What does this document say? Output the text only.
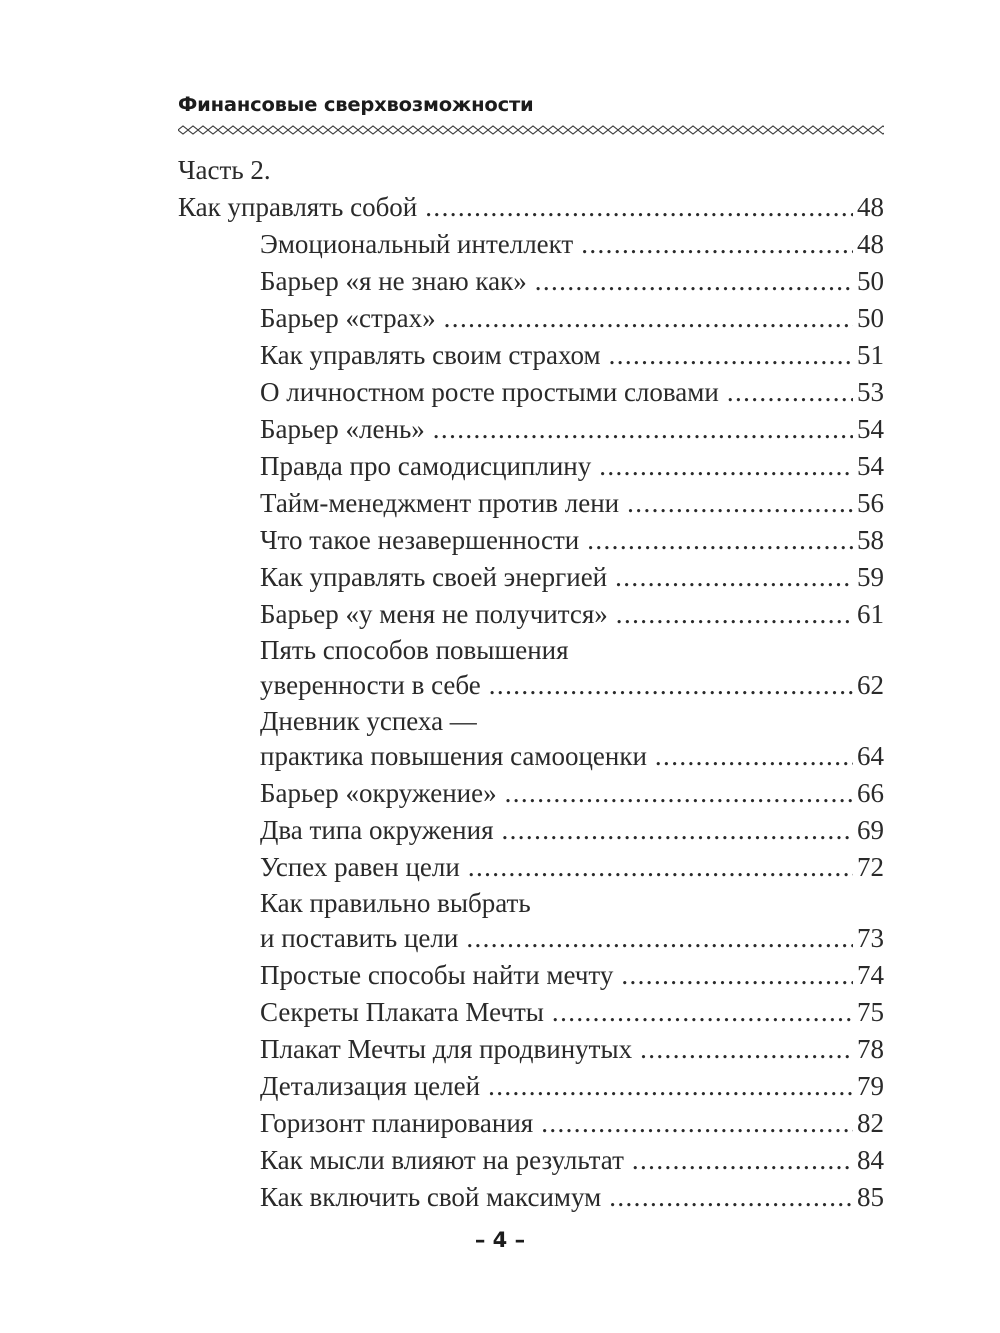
Финансовые сверхвозможности
Часть 2.
Как управлять собой .....	48
Эмоциональный интеллект .....	48
Барьер «я не знаю как» .....	50
Барьер «страх» .....	50
Как управлять своим страхом .....	51
О личностном росте простыми словами .....	53
Барьер «лень» .....	54
Правда про самодисциплину .....	54
Тайм-менеджмент против лени .....	56
Что такое незавершенности .....	58
Как управлять своей энергией .....	59
Барьер «у меня не получится» .....	61
Пять способов повышения
уверенности в себе .....	62
Дневник успеха —
практика повышения самооценки .....	64
Барьер «окружение» .....	66
Два типа окружения .....	69
Успех равен цели .....	72
Как правильно выбрать
и поставить цели .....	73
Простые способы найти мечту .....	74
Секреты Плаката Мечты .....	75
Плакат Мечты для продвинутых .....	78
Детализация целей .....	79
Горизонт планирования .....	82
Как мысли влияют на результат .....	84
Как включить свой максимум .....	85
– 4 –
